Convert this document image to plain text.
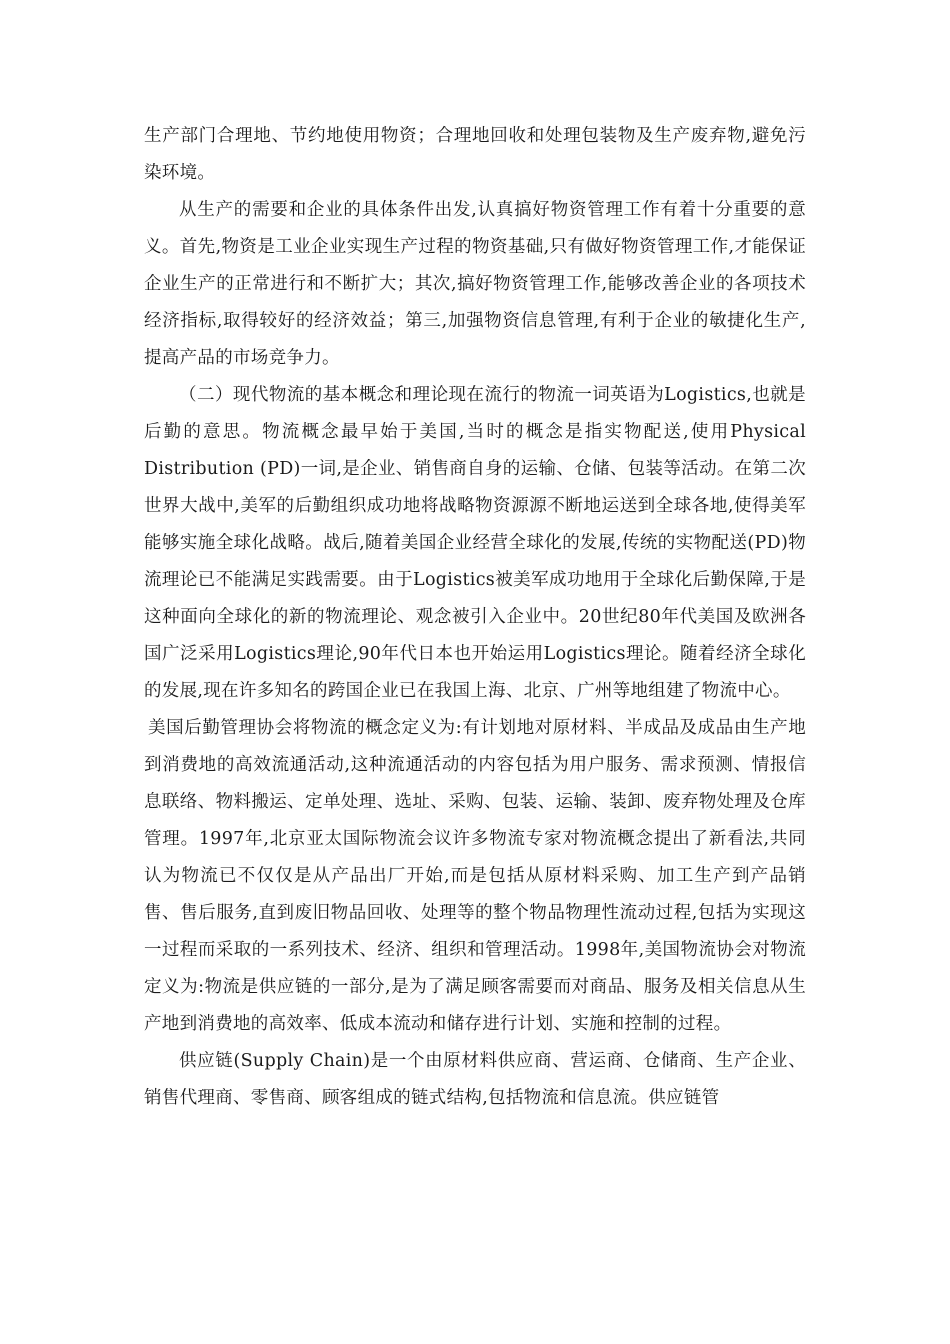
生产部门合理地、节约地使用物资；合理地回收和处理包装物及生产废弃物,避免污染环境。

从生产的需要和企业的具体条件出发,认真搞好物资管理工作有着十分重要的意义。首先,物资是工业企业实现生产过程的物资基础,只有做好物资管理工作,才能保证企业生产的正常进行和不断扩大；其次,搞好物资管理工作,能够改善企业的各项技术经济指标,取得较好的经济效益；第三,加强物资信息管理,有利于企业的敏捷化生产,提高产品的市场竞争力。

（二）现代物流的基本概念和理论现在流行的物流一词英语为Logistics,也就是后勤的意思。物流概念最早始于美国,当时的概念是指实物配送,使用Physical Distribution (PD)一词,是企业、销售商自身的运输、仓储、包装等活动。在第二次世界大战中,美军的后勤组织成功地将战略物资源源不断地运送到全球各地,使得美军能够实施全球化战略。战后,随着美国企业经营全球化的发展,传统的实物配送(PD)物流理论已不能满足实践需要。由于Logistics被美军成功地用于全球化后勤保障,于是这种面向全球化的新的物流理论、观念被引入企业中。20世纪80年代美国及欧洲各国广泛采用Logistics理论,90年代日本也开始运用Logistics理论。随着经济全球化的发展,现在许多知名的跨国企业已在我国上海、北京、广州等地组建了物流中心。

美国后勤管理协会将物流的概念定义为:有计划地对原材料、半成品及成品由生产地到消费地的高效流通活动,这种流通活动的内容包括为用户服务、需求预测、情报信息联络、物料搬运、定单处理、选址、采购、包装、运输、装卸、废弃物处理及仓库管理。1997年,北京亚太国际物流会议许多物流专家对物流概念提出了新看法,共同认为物流已不仅仅是从产品出厂开始,而是包括从原材料采购、加工生产到产品销售、售后服务,直到废旧物品回收、处理等的整个物品物理性流动过程,包括为实现这一过程而采取的一系列技术、经济、组织和管理活动。1998年,美国物流协会对物流定义为:物流是供应链的一部分,是为了满足顾客需要而对商品、服务及相关信息从生产地到消费地的高效率、低成本流动和储存进行计划、实施和控制的过程。

供应链(Supply Chain)是一个由原材料供应商、营运商、仓储商、生产企业、销售代理商、零售商、顾客组成的链式结构,包括物流和信息流。供应链管
